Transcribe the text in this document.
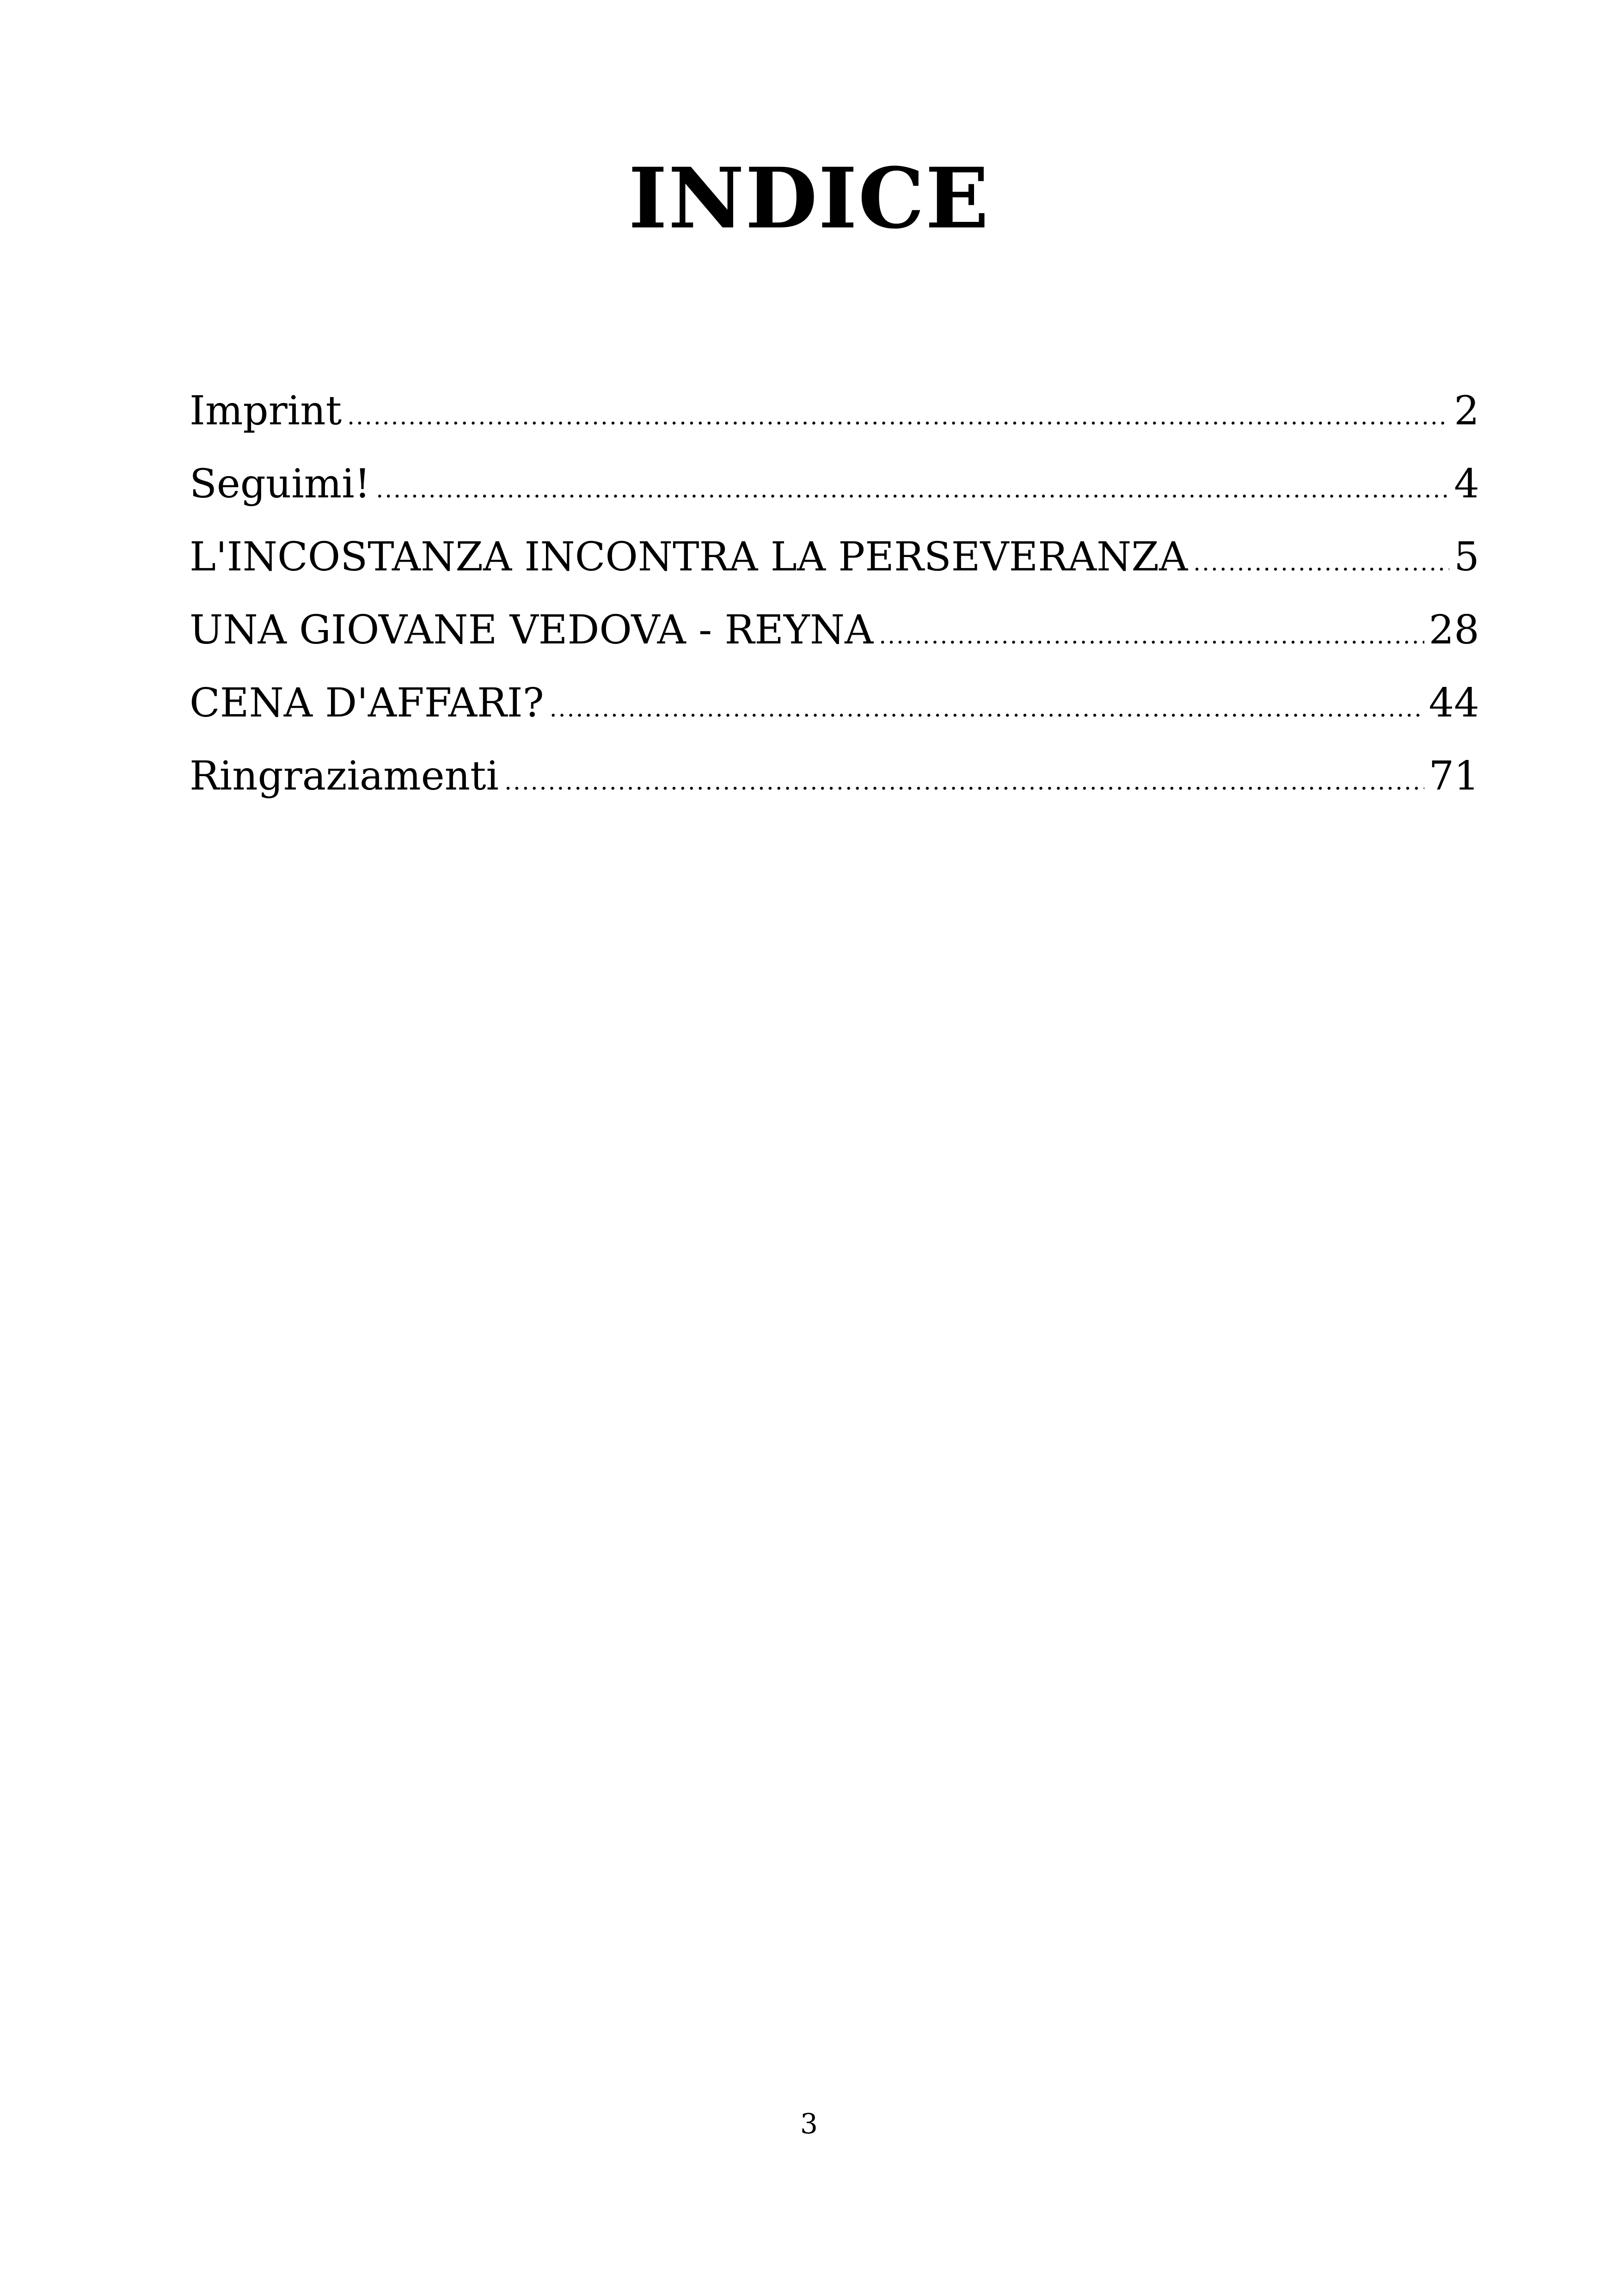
INDICE
Imprint .....	2
Seguimi! .....	4
L'INCOSTANZA INCONTRA LA PERSEVERANZA .....	5
UNA GIOVANE VEDOVA - REYNA .....	28
CENA D'AFFARI? .....	44
Ringraziamenti .....	71
3
